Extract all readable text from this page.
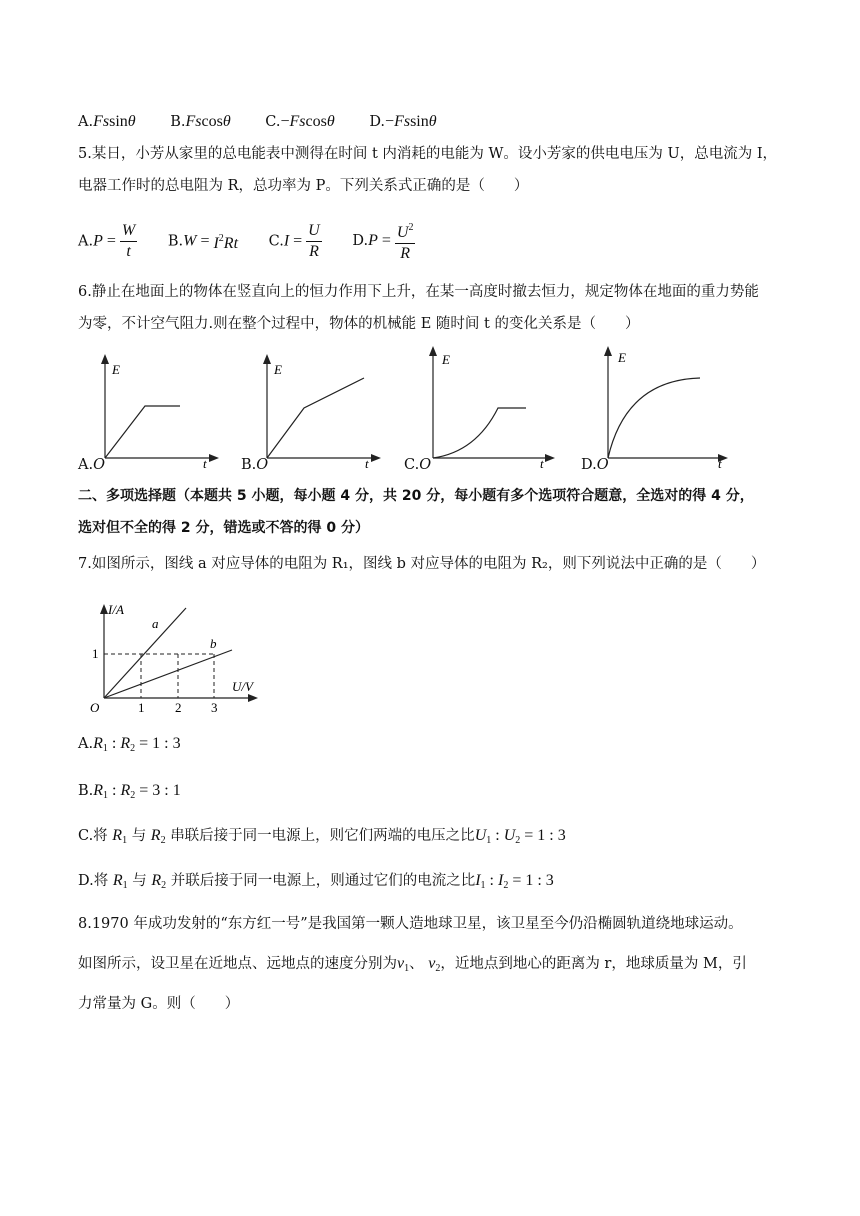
A.Fssinθ B.Fscosθ C.−Fscosθ D.−Fssinθ
5.某日，小芳从家里的总电能表中测得在时间 t 内消耗的电能为 W。设小芳家的供电电压为 U，总电流为 I，
电器工作时的总电阻为 R，总功率为 P。下列关系式正确的是（　　）
$A.P = \frac{W}{t} B.W = I^2Rt$ $C.I = \frac{U}{R} D.P = \frac{U^2}{R}$
6.静止在地面上的物体在竖直向上的恒力作用下上升，在某一高度时撤去恒力，规定物体在地面的重力势能
为零，不计空气阻力.则在整个过程中，物体的机械能 E 随时间 t 的变化关系是（　　）
E
t
A.O
E
t
B.O
E
t
C.O
E
t
D.O
二、多项选择题（本题共 5 小题，每小题 4 分，共 20 分，每小题有多个选项符合题意，全选对的得 4 分，
选对但不全的得 2 分，错选或不答的得 0 分）
7.如图所示，图线 a 对应导体的电阻为 R₁，图线 b 对应导体的电阻为 R₂，则下列说法中正确的是（　　）
I/A
U/V
a
b
O	1 2 3
1
$A.R_1$ : $R_2 = 1$ : 3
$B.R_1$ : $R_2 = 3$ : 1
C.将 $R_1$ 与 $R_2$ 串联后接于同一电源上，则它们两端的电压之比$U_1$ : $U_2 = 1$ : 3
D.将 $R_1$ 与 $R_2$ 并联后接于同一电源上，则通过它们的电流之比$I_1$ : $I_2 = 1$ : 3
8.1970 年成功发射的“东方红一号”是我国第一颗人造地球卫星，该卫星至今仍沿椭圆轨道绕地球运动。
如图所示，设卫星在近地点、远地点的速度分别为$v_1$、 $v_2$，近地点到地心的距离为 r，地球质量为 M，引
力常量为 G。则（　　）
